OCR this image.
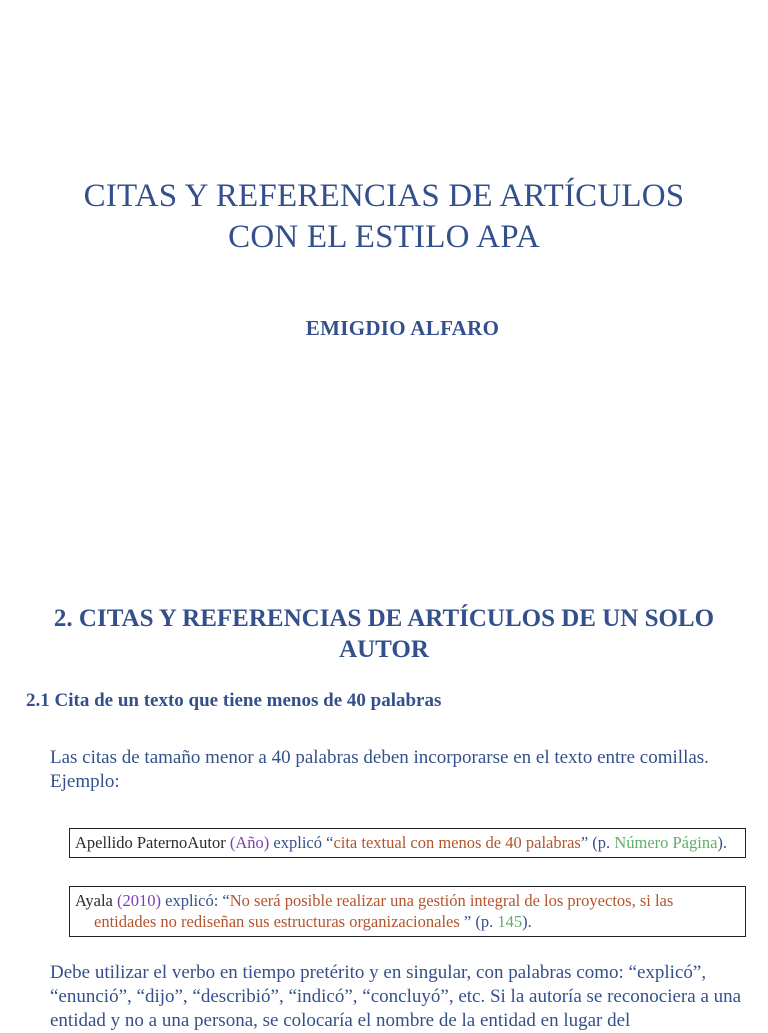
CITAS Y REFERENCIAS DE ARTÍCULOS
CON EL ESTILO APA
EMIGDIO ALFARO
2. CITAS Y REFERENCIAS DE ARTÍCULOS DE UN SOLO
AUTOR
2.1 Cita de un texto que tiene menos de 40 palabras
Las citas de tamaño menor a 40 palabras deben incorporarse en el texto entre comillas. Ejemplo:
Apellido PaternoAutor (Año) explicó “cita textual con menos de 40 palabras” (p. Número Página).
Ayala (2010) explicó: “No será posible realizar una gestión integral de los proyectos, si las entidades no rediseñan sus estructuras organizacionales ” (p. 145).
Debe utilizar el verbo en tiempo pretérito y en singular, con palabras como: “explicó”, “enunció”, “dijo”, “describió”, “indicó”, “concluyó”, etc. Si la autoría se reconociera a una entidad y no a una persona, se colocaría el nombre de la entidad en lugar del
